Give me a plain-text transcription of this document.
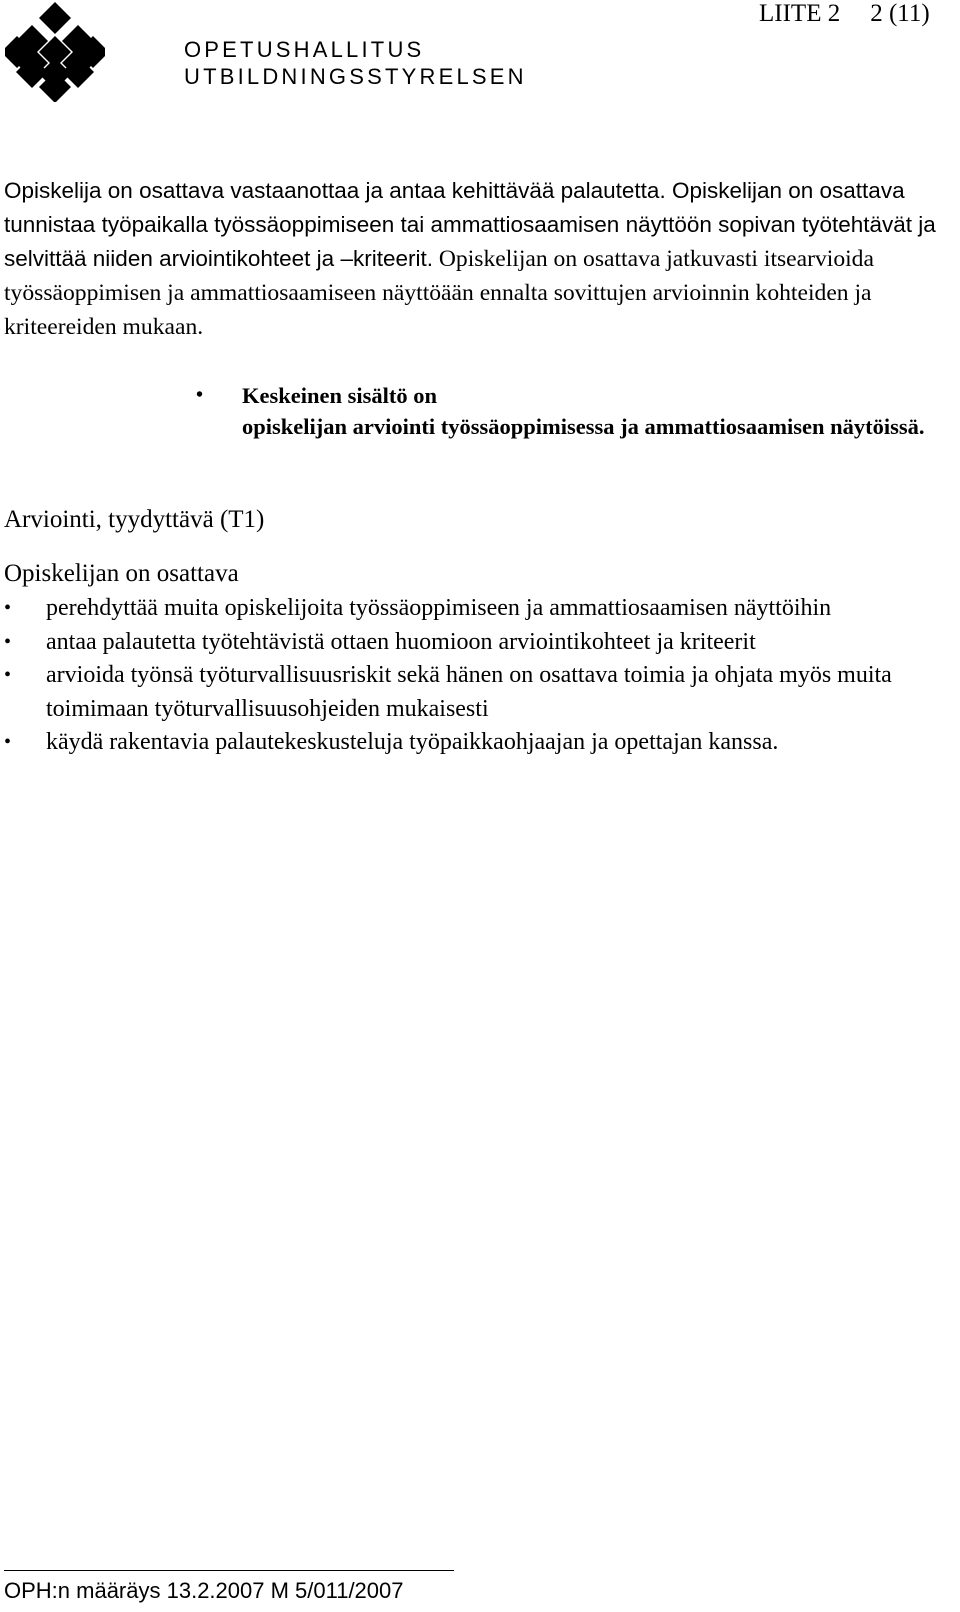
OPETUSHALLITUS
UTBILDNINGSSTYRELSEN
LIITE 2 2 (11)

Opiskelija on osattava vastaanottaa ja antaa kehittävää palautetta. Opiskelijan on osattava tunnistaa työpaikalla työssäoppimiseen tai ammattiosaamisen näyttöön sopivan työtehtävät ja selvittää niiden arviointikohteet ja –kriteerit. Opiskelijan on osattava jatkuvasti itsearvioida työssäoppimisen ja ammattiosaamiseen näyttöään ennalta sovittujen arvioinnin kohteiden ja kriteereiden mukaan.

• Keskeinen sisältö on
opiskelijan arviointi työssäoppimisessa ja ammattiosaamisen näytöissä.
Arviointi, tyydyttävä (T1)

Opiskelijan on osattava

• perehdyttää muita opiskelijoita työssäoppimiseen ja ammattiosaamisen näyttöihin
• antaa palautetta työtehtävistä ottaen huomioon arviointikohteet ja kriteerit
• arvioida työnsä työturvallisuusriskit sekä hänen on osattava toimia ja ohjata myös muita toimimaan työturvallisuusohjeiden mukaisesti
• käydä rakentavia palautekeskusteluja työpaikkaohjaajan ja opettajan kanssa.
OPH:n määräys 13.2.2007 M 5/011/2007
